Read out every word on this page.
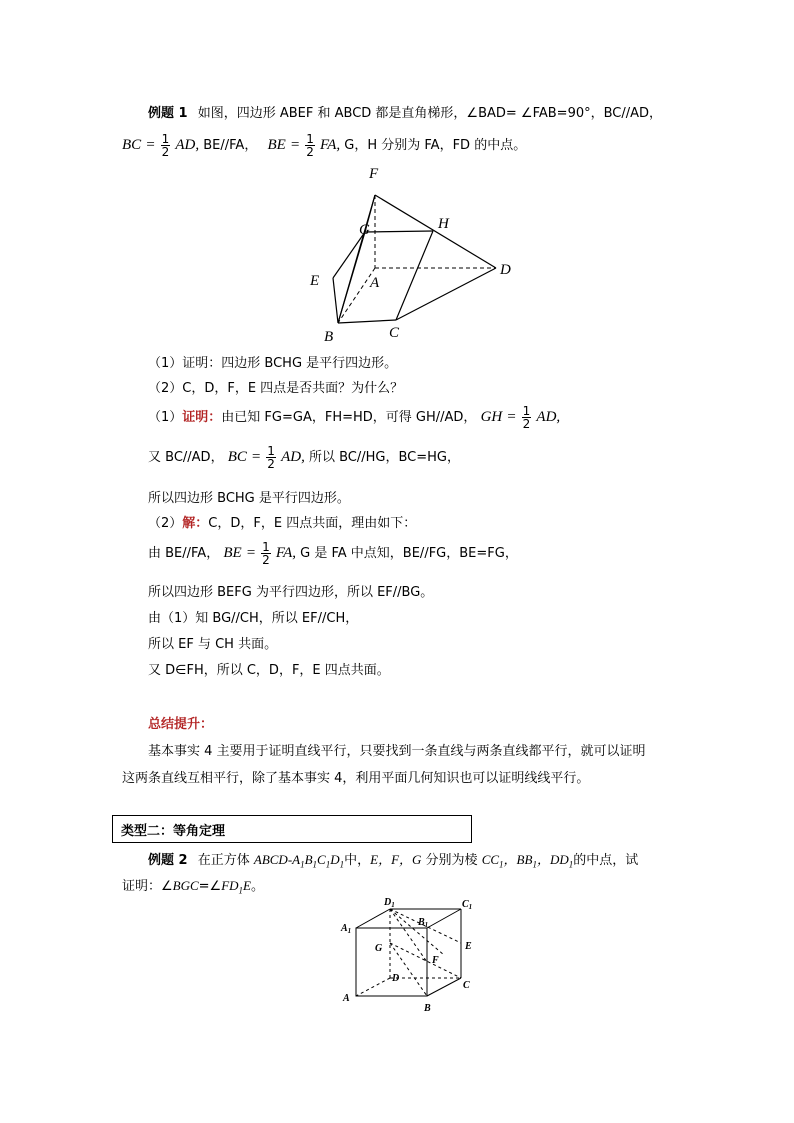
例题 1 如图，四边形 ABEF 和 ABCD 都是直角梯形，∠BAD= ∠FAB=90°，BC//AD，
BC = $\frac{1}{2}$ AD, BE//FA， BE = $\frac{1}{2}$ FA, G，H 分别为 FA，FD 的中点。
F
G	H
E	A
D
B	C
（1）证明：四边形 BCHG 是平行四边形。
（2）C，D，F，E 四点是否共面？为什么？
（1）证明：由已知 FG=GA，FH=HD，可得 GH//AD， GH = $\frac{1}{2}$ AD,
又 BC//AD， BC = $\frac{1}{2}$ AD, 所以 BC//HG，BC=HG，
所以四边形 BCHG 是平行四边形。
（2）解：C，D，F，E 四点共面，理由如下：
由 BE//FA， BE = $\frac{1}{2}$ FA, G 是 FA 中点知，BE//FG，BE=FG，
所以四边形 BEFG 为平行四边形，所以 EF//BG。
由（1）知 BG//CH，所以 EF//CH，
所以 EF 与 CH 共面。
又 D∈FH，所以 C，D，F，E 四点共面。
总结提升：
基本事实 4 主要用于证明直线平行，只要找到一条直线与两条直线都平行，就可以证明
这两条直线互相平行，除了基本事实 4，利用平面几何知识也可以证明线线平行。
类型二：等角定理
例题 2 在正方体 ABCD-$A_1B_1C_1D_1$中，E，F，G 分别为棱 $CC_1$，$BB_1$，$DD_1$的中点，试
证明：$\angle BGC=\angle FD_1E$。
$D_1$	$C_1$
$B_1$
$A_1$
G	E
F
D
A
B
C
